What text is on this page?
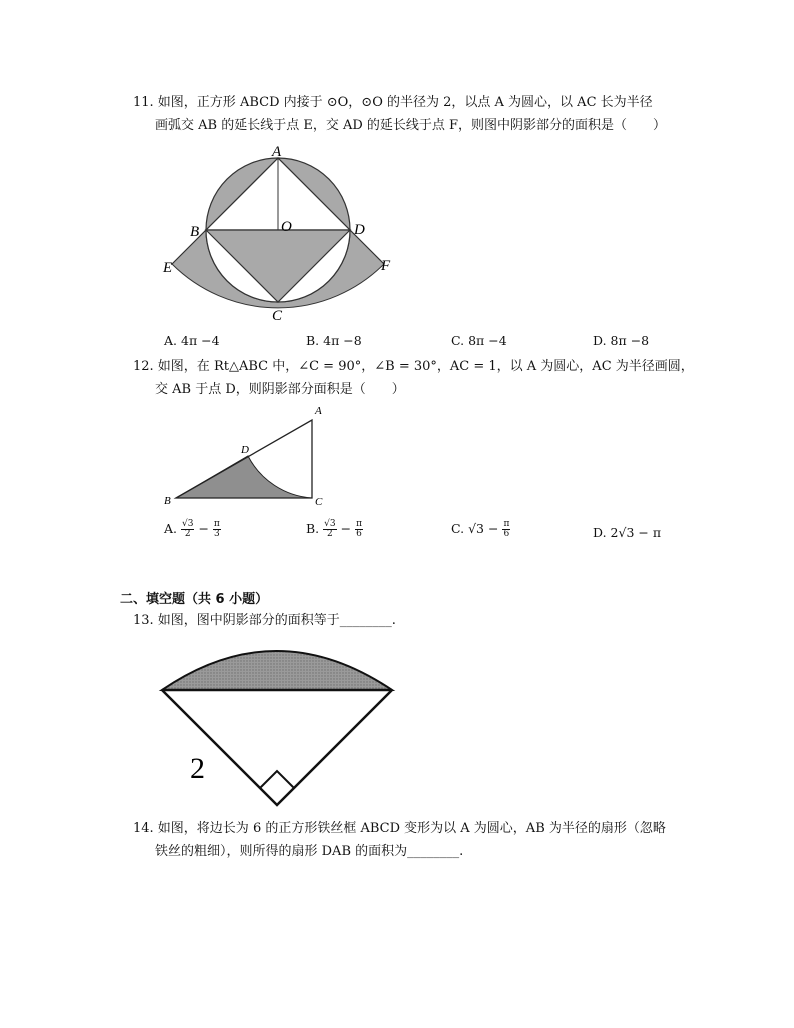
11. 如图，正方形 ABCD 内接于 ⊙O，⊙O 的半径为 2，以点 A 为圆心，以 AC 长为半径
画弧交 AB 的延长线于点 E，交 AD 的延长线于点 F，则图中阴影部分的面积是（　　）
A
B
C
D
E	F
O
A. 4π −4	B. 4π −8	C. 8π −4	D. 8π −8
12. 如图，在 Rt△ABC 中，∠C = 90°，∠B = 30°，AC = 1，以 A 为圆心，AC 为半径画圆，
交 AB 于点 D，则阴影部分面积是（　　）
A
B	C
D
A. $\frac{√3}{2} - \frac{\pi}{3}$	B. $\frac{√3}{2} - \frac{\pi}{6}$	C. $√3 - \frac{\pi}{6}$	D. 2√3 − π
二、填空题（共 6 小题）
13. 如图，图中阴影部分的面积等于________.
2
14. 如图，将边长为 6 的正方形铁丝框 ABCD 变形为以 A 为圆心，AB 为半径的扇形（忽略
铁丝的粗细），则所得的扇形 DAB 的面积为________.
